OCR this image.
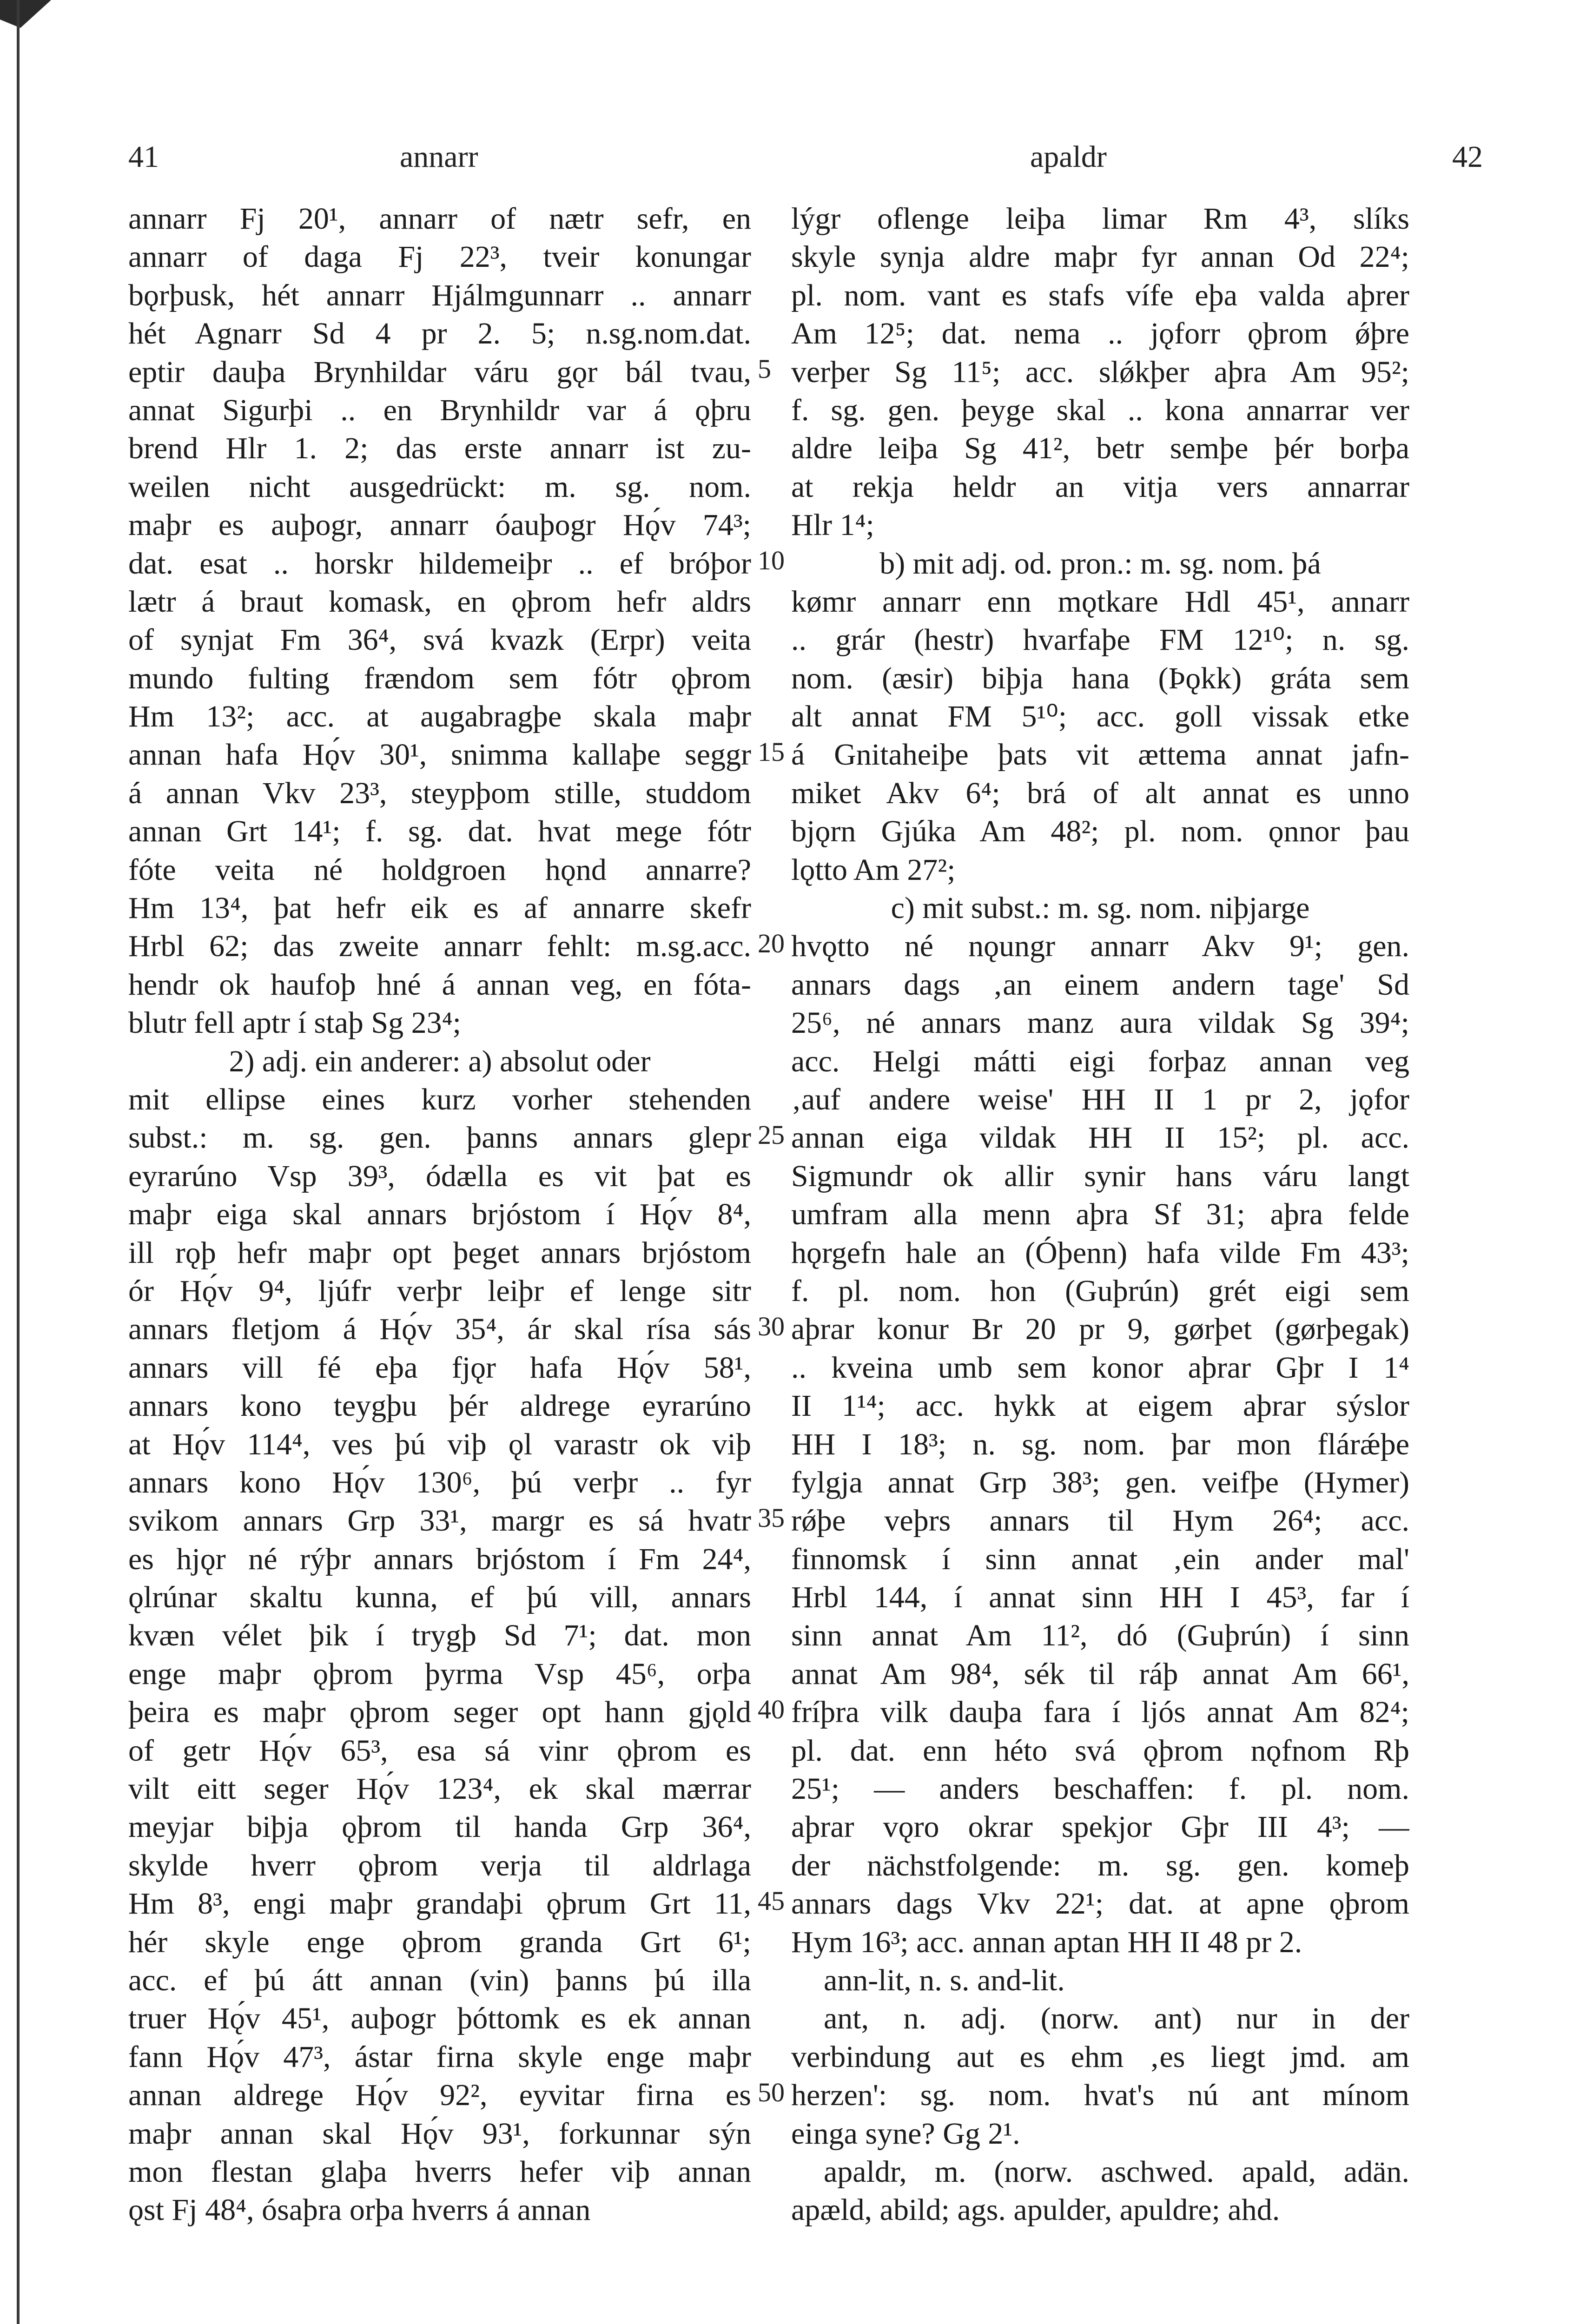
41	annarr	apaldr	42
annarr Fj 20¹, annarr of nætr sefr, en
annarr of daga Fj 22³, tveir konungar
bǫrþusk, hét annarr Hjálmgunnarr .. annarr
hét Agnarr Sd 4 pr 2. 5; n.sg.nom.dat.
eptir dauþa Brynhildar váru gǫr bál tvau,
annat Sigurþi .. en Brynhildr var á ǫþru
brend Hlr 1. 2; das erste annarr ist zu-
weilen nicht ausgedrückt: m. sg. nom.
maþr es auþogr, annarr óauþogr Hǫ́v 74³;
dat. esat .. horskr hildemeiþr .. ef bróþor
lætr á braut komask, en ǫþrom hefr aldrs
of synjat Fm 36⁴, svá kvazk (Erpr) veita
mundo fulting frændom sem fótr ǫþrom
Hm 13²; acc. at augabragþe skala maþr
annan hafa Hǫ́v 30¹, snimma kallaþe seggr
á annan Vkv 23³, steypþom stille, studdom
annan Grt 14¹; f. sg. dat. hvat mege fótr
fóte veita né holdgroen hǫnd annarre?
Hm 13⁴, þat hefr eik es af annarre skefr
Hrbl 62; das zweite annarr fehlt: m.sg.acc.
hendr ok haufoþ hné á annan veg, en fóta-
blutr fell aptr í staþ Sg 23⁴;
2) adj. ein anderer: a) absolut oder
mit ellipse eines kurz vorher stehenden
subst.: m. sg. gen. þanns annars glepr
eyrarúno Vsp 39³, ódælla es vit þat es
maþr eiga skal annars brjóstom í Hǫ́v 8⁴,
ill rǫþ hefr maþr opt þeget annars brjóstom
ór Hǫ́v 9⁴, ljúfr verþr leiþr ef lenge sitr
annars fletjom á Hǫ́v 35⁴, ár skal rísa sás
annars vill fé eþa fjǫr hafa Hǫ́v 58¹,
annars kono teygþu þér aldrege eyrarúno
at Hǫ́v 114⁴, ves þú viþ ǫl varastr ok viþ
annars kono Hǫ́v 130⁶, þú verþr .. fyr
svikom annars Grp 33¹, margr es sá hvatr
es hjǫr né rýþr annars brjóstom í Fm 24⁴,
ǫlrúnar skaltu kunna, ef þú vill, annars
kvæn vélet þik í trygþ Sd 7¹; dat. mon
enge maþr ǫþrom þyrma Vsp 45⁶, orþa
þeira es maþr ǫþrom seger opt hann gjǫld
of getr Hǫ́v 65³, esa sá vinr ǫþrom es
vilt eitt seger Hǫ́v 123⁴, ek skal mærrar
meyjar biþja ǫþrom til handa Grp 36⁴,
skylde hverr ǫþrom verja til aldrlaga
Hm 8³, engi maþr grandaþi ǫþrum Grt 11,
hér skyle enge ǫþrom granda Grt 6¹;
acc. ef þú átt annan (vin) þanns þú illa
truer Hǫ́v 45¹, auþogr þóttomk es ek annan
fann Hǫ́v 47³, ástar firna skyle enge maþr
annan aldrege Hǫ́v 92², eyvitar firna es
maþr annan skal Hǫ́v 93¹, forkunnar sýn
mon flestan glaþa hverrs hefer viþ annan
ǫst Fj 48⁴, ósaþra orþa hverrs á annan
5
10
15
20
25
30
35
40
45
50
lýgr oflenge leiþa limar Rm 4³, slíks
skyle synja aldre maþr fyr annan Od 22⁴;
pl. nom. vant es stafs vífe eþa valda aþrer
Am 12⁵; dat. nema .. jǫforr ǫþrom ǿþre
verþer Sg 11⁵; acc. slǿkþer aþra Am 95²;
f. sg. gen. þeyge skal .. kona annarrar ver
aldre leiþa Sg 41², betr semþe þér borþa
at rekja heldr an vitja vers annarrar
Hlr 1⁴;
b) mit adj. od. pron.: m. sg. nom. þá
kømr annarr enn mǫtkare Hdl 45¹, annarr
.. grár (hestr) hvarfaþe FM 12¹⁰; n. sg.
nom. (æsir) biþja hana (Þǫkk) gráta sem
alt annat FM 5¹⁰; acc. goll vissak etke
á Gnitaheiþe þats vit ættema annat jafn-
miket Akv 6⁴; brá of alt annat es unno
bjǫrn Gjúka Am 48²; pl. nom. ǫnnor þau
lǫtto Am 27²;
c) mit subst.: m. sg. nom. niþjarge
hvǫtto né nǫungr annarr Akv 9¹; gen.
annars dags ‚an einem andern tage' Sd
25⁶, né annars manz aura vildak Sg 39⁴;
acc. Helgi mátti eigi forþaz annan veg
‚auf andere weise' HH II 1 pr 2, jǫfor
annan eiga vildak HH II 15²; pl. acc.
Sigmundr ok allir synir hans váru langt
umfram alla menn aþra Sf 31; aþra felde
hǫrgefn hale an (Óþenn) hafa vilde Fm 43³;
f. pl. nom. hon (Guþrún) grét eigi sem
aþrar konur Br 20 pr 9, gørþet (gørþegak)
.. kveina umb sem konor aþrar Gþr I 1⁴
II 1¹⁴; acc. hykk at eigem aþrar sýslor
HH I 18³; n. sg. nom. þar mon flárǽþe
fylgja annat Grp 38³; gen. veifþe (Hymer)
rǿþe veþrs annars til Hym 26⁴; acc.
finnomsk í sinn annat ‚ein ander mal'
Hrbl 144, í annat sinn HH I 45³, far í
sinn annat Am 11², dó (Guþrún) í sinn
annat Am 98⁴, sék til ráþ annat Am 66¹,
fríþra vilk dauþa fara í ljós annat Am 82⁴;
pl. dat. enn héto svá ǫþrom nǫfnom Rþ
25¹; — anders beschaffen: f. pl. nom.
aþrar vǫro okrar spekjor Gþr III 4³; —
der nächstfolgende: m. sg. gen. komeþ
annars dags Vkv 22¹; dat. at apne ǫþrom
Hym 16³; acc. annan aptan HH II 48 pr 2.
ann-lit, n. s. and-lit.
ant, n. adj. (norw. ant) nur in der
verbindung aut es ehm ‚es liegt jmd. am
herzen': sg. nom. hvat's nú ant mínom
einga syne? Gg 2¹.
apaldr, m. (norw. aschwed. apald, adän.
apæld, abild; ags. apulder, apuldre; ahd.
